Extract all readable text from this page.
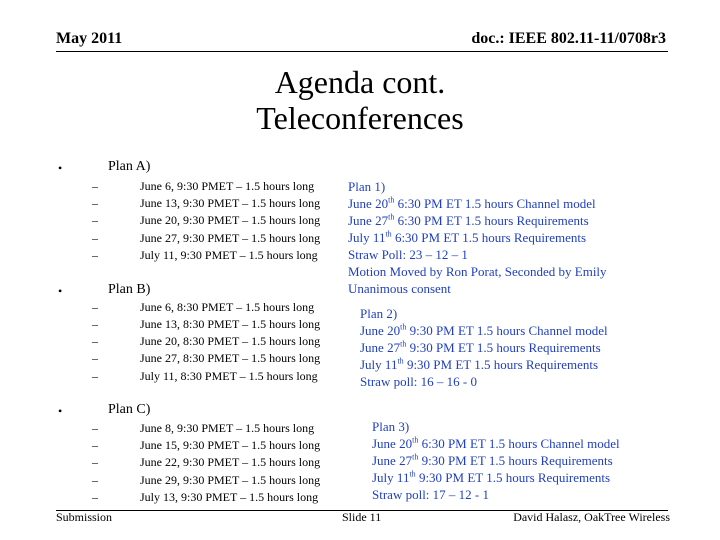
May 2011	doc.: IEEE 802.11-11/0708r3
Agenda cont.
Teleconferences
•	Plan A)
–	June 6, 9:30 PMET – 1.5 hours long
–	June 13, 9:30 PMET – 1.5 hours long
–	June 20, 9:30 PMET – 1.5 hours long
–	June 27, 9:30 PMET – 1.5 hours long
–	July 11, 9:30 PMET – 1.5 hours long
•	Plan B)
–	June 6, 8:30 PMET – 1.5 hours long
–	June 13, 8:30 PMET – 1.5 hours long
–	June 20, 8:30 PMET – 1.5 hours long
–	June 27, 8:30 PMET – 1.5 hours long
–	July 11, 8:30 PMET – 1.5 hours long
•	Plan C)
–	June 8, 9:30 PMET – 1.5 hours long
–	June 15, 9:30 PMET – 1.5 hours long
–	June 22, 9:30 PMET – 1.5 hours long
–	June 29, 9:30 PMET – 1.5 hours long
–	July 13, 9:30 PMET – 1.5 hours long
Plan 1)
June 20th 6:30 PM ET 1.5 hours Channel model
June 27th 6:30 PM ET 1.5 hours Requirements
July 11th 6:30 PM ET 1.5 hours Requirements
Straw Poll: 23 – 12 – 1
Motion Moved by Ron Porat, Seconded by Emily
Unanimous consent
Plan 2)
June 20th 9:30 PM ET 1.5 hours Channel model
June 27th 9:30 PM ET 1.5 hours Requirements
July 11th 9:30 PM ET 1.5 hours Requirements
Straw poll: 16 – 16 - 0
Plan 3)
June 20th 6:30 PM ET 1.5 hours Channel model
June 27th 9:30 PM ET 1.5 hours Requirements
July 11th 9:30 PM ET 1.5 hours Requirements
Straw poll: 17 – 12 - 1
Submission	Slide 11	David Halasz, OakTree Wireless
